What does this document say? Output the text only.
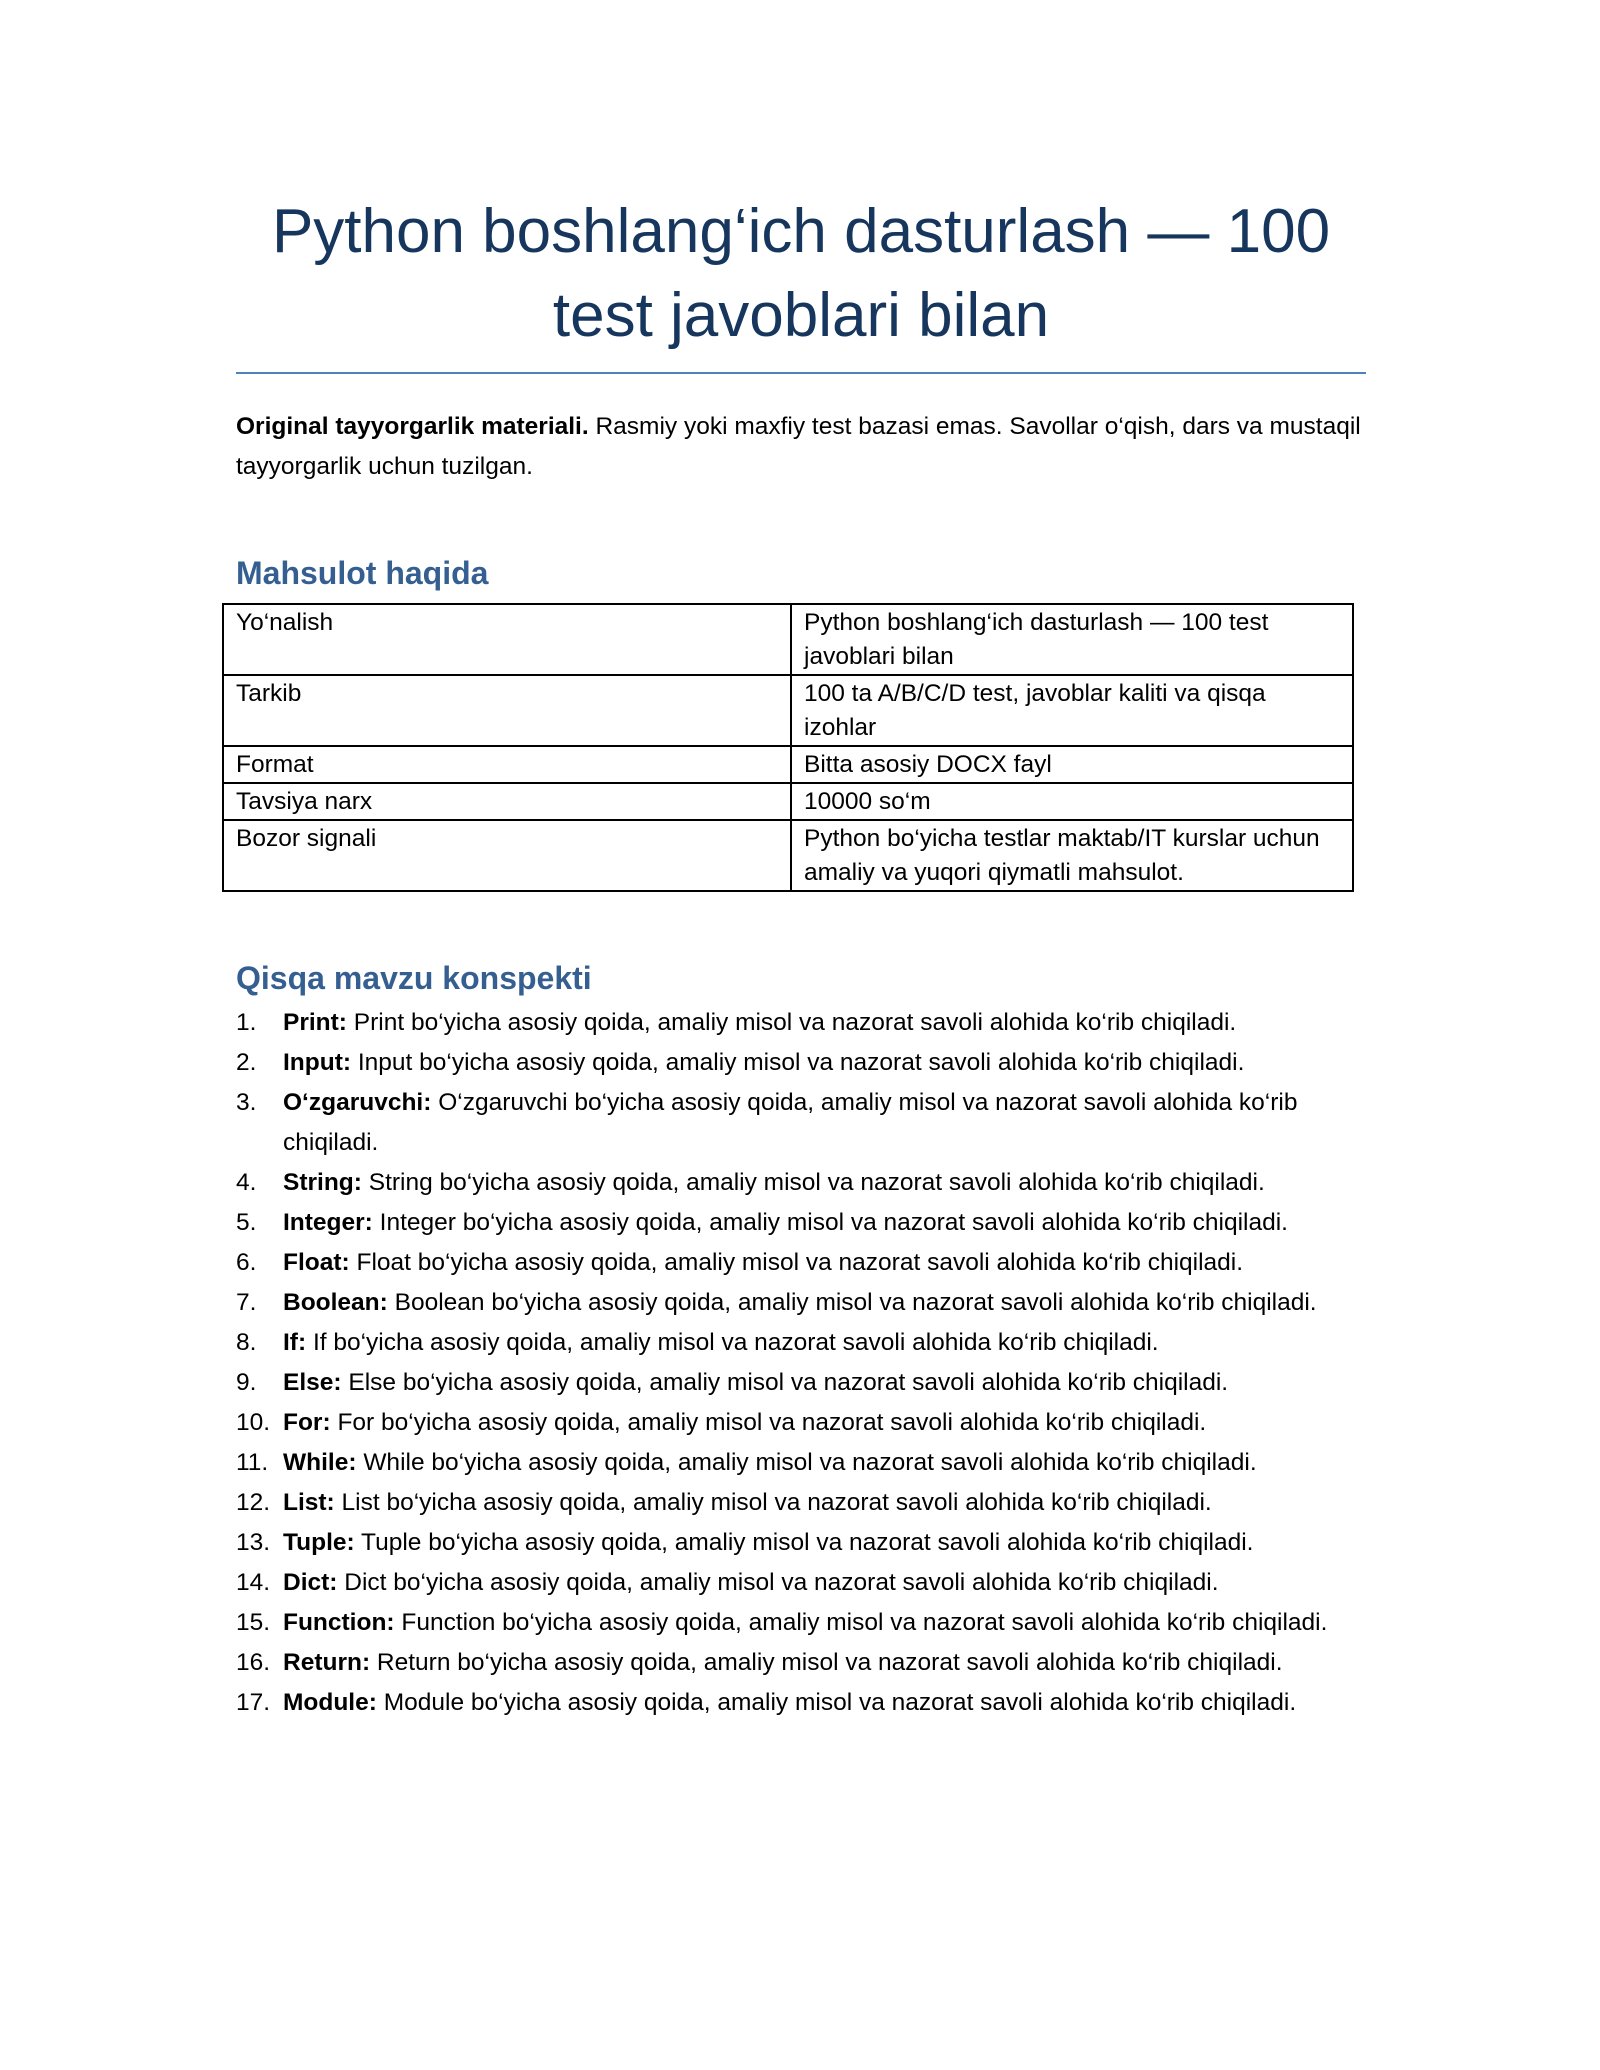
Python boshlang‘ich dasturlash — 100 test javoblari bilan

Original tayyorgarlik materiali. Rasmiy yoki maxfiy test bazasi emas. Savollar o‘qish, dars va mustaqil tayyorgarlik uchun tuzilgan.

Mahsulot haqida
Yo‘nalish	Python boshlang‘ich dasturlash — 100 test javoblari bilan
Tarkib	100 ta A/B/C/D test, javoblar kaliti va qisqa izohlar
Format	Bitta asosiy DOCX fayl
Tavsiya narx	10000 so‘m
Bozor signali	Python bo‘yicha testlar maktab/IT kurslar uchun amaliy va yuqori qiymatli mahsulot.
Qisqa mavzu konspekti
1.	Print: Print bo‘yicha asosiy qoida, amaliy misol va nazorat savoli alohida ko‘rib chiqiladi.
2.	Input: Input bo‘yicha asosiy qoida, amaliy misol va nazorat savoli alohida ko‘rib chiqiladi.
3.	O‘zgaruvchi: O‘zgaruvchi bo‘yicha asosiy qoida, amaliy misol va nazorat savoli alohida ko‘rib chiqiladi.
4.	String: String bo‘yicha asosiy qoida, amaliy misol va nazorat savoli alohida ko‘rib chiqiladi.
5.	Integer: Integer bo‘yicha asosiy qoida, amaliy misol va nazorat savoli alohida ko‘rib chiqiladi.
6.	Float: Float bo‘yicha asosiy qoida, amaliy misol va nazorat savoli alohida ko‘rib chiqiladi.
7.	Boolean: Boolean bo‘yicha asosiy qoida, amaliy misol va nazorat savoli alohida ko‘rib chiqiladi.
8.	If: If bo‘yicha asosiy qoida, amaliy misol va nazorat savoli alohida ko‘rib chiqiladi.
9.	Else: Else bo‘yicha asosiy qoida, amaliy misol va nazorat savoli alohida ko‘rib chiqiladi.
10. For: For bo‘yicha asosiy qoida, amaliy misol va nazorat savoli alohida ko‘rib chiqiladi.
11. While: While bo‘yicha asosiy qoida, amaliy misol va nazorat savoli alohida ko‘rib chiqiladi.
12. List: List bo‘yicha asosiy qoida, amaliy misol va nazorat savoli alohida ko‘rib chiqiladi.
13. Tuple: Tuple bo‘yicha asosiy qoida, amaliy misol va nazorat savoli alohida ko‘rib chiqiladi.
14. Dict: Dict bo‘yicha asosiy qoida, amaliy misol va nazorat savoli alohida ko‘rib chiqiladi.
15. Function: Function bo‘yicha asosiy qoida, amaliy misol va nazorat savoli alohida ko‘rib chiqiladi.
16. Return: Return bo‘yicha asosiy qoida, amaliy misol va nazorat savoli alohida ko‘rib chiqiladi.
17. Module: Module bo‘yicha asosiy qoida, amaliy misol va nazorat savoli alohida ko‘rib chiqiladi.
